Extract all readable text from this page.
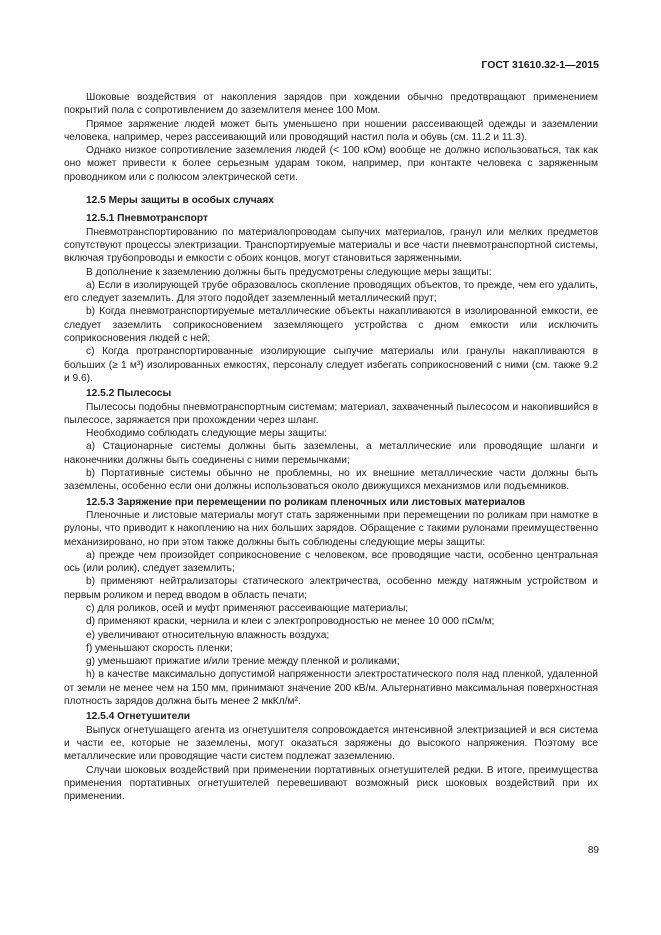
ГОСТ 31610.32-1—2015

Шоковые воздействия от накопления зарядов при хождении обычно предотвращают применением покрытий пола с сопротивлением до заземлителя менее 100 Мом.

Прямое заряжение людей может быть уменьшено при ношении рассеивающей одежды и заземлении человека, например, через рассеивающий или проводящий настил пола и обувь (см. 11.2 и 11.3).

Однако низкое сопротивление заземления людей (< 100 кОм) вообще не должно использоваться, так как оно может привести к более серьезным ударам током, например, при контакте человека с заряженным проводником или с полюсом электрической сети.

12.5 Меры защиты в особых случаях

12.5.1 Пневмотранспорт

Пневмотранспортированию по материалопроводам сыпучих материалов, гранул или мелких предметов сопутствуют процессы электризации. Транспортируемые материалы и все части пневмотранспортной системы, включая трубопроводы и емкости с обоих концов, могут становиться заряженными.

В дополнение к заземлению должны быть предусмотрены следующие меры защиты:

a) Если в изолирующей трубе образовалось скопление проводящих объектов, то прежде, чем его удалить, его следует заземлить. Для этого подойдет заземленный металлический прут;

b) Когда пневмотранспортируемые металлические объекты накапливаются в изолированной емкости, ее следует заземлить соприкосновением заземляющего устройства с дном емкости или исключить соприкосновения людей с ней;

c) Когда протранспортированные изолирующие сыпучие материалы или гранулы накапливаются в больших (≥ 1 м³) изолированных емкостях, персоналу следует избегать соприкосновений с ними (см. также 9.2 и 9.6).

12.5.2 Пылесосы

Пылесосы подобны пневмотранспортным системам; материал, захваченный пылесосом и накопившийся в пылесосе, заряжается при прохождении через шланг.

Необходимо соблюдать следующие меры защиты:

a) Стационарные системы должны быть заземлены, а металлические или проводящие шланги и наконечники должны быть соединены с ними перемычками;

b) Портативные системы обычно не проблемны, но их внешние металлические части должны быть заземлены, особенно если они должны использоваться около движущихся механизмов или подъемников.

12.5.3 Заряжение при перемещении по роликам пленочных или листовых материалов

Пленочные и листовые материалы могут стать заряженными при перемещении по роликам при намотке в рулоны, что приводит к накоплению на них больших зарядов. Обращение с такими рулонами преимущественно механизировано, но при этом также должны быть соблюдены следующие меры защиты:

a) прежде чем произойдет соприкосновение с человеком, все проводящие части, особенно центральная ось (или ролик), следует заземлить;

b) применяют нейтрализаторы статического электричества, особенно между натяжным устройством и первым роликом и перед вводом в область печати;

c) для роликов, осей и муфт применяют рассеивающие материалы;

d) применяют краски, чернила и клеи с электропроводностью не менее 10 000 пСм/м;

e) увеличивают относительную влажность воздуха;

f) уменьшают скорость пленки;

g) уменьшают прижатие и/или трение между пленкой и роликами;

h) в качестве максимально допустимой напряженности электростатического поля над пленкой, удаленной от земли не менее чем на 150 мм, принимают значение 200 кВ/м. Альтернативно максимальная поверхностная плотность зарядов должна быть менее 2 мкКл/м².

12.5.4 Огнетушители

Выпуск огнетушащего агента из огнетушителя сопровождается интенсивной электризацией и вся система и части ее, которые не заземлены, могут оказаться заряжены до высокого напряжения. Поэтому все металлические или проводящие части систем подлежат заземлению.

Случаи шоковых воздействий при применении портативных огнетушителей редки. В итоге, преимущества применения портативных огнетушителей перевешивают возможный риск шоковых воздействий при их применении.

89
